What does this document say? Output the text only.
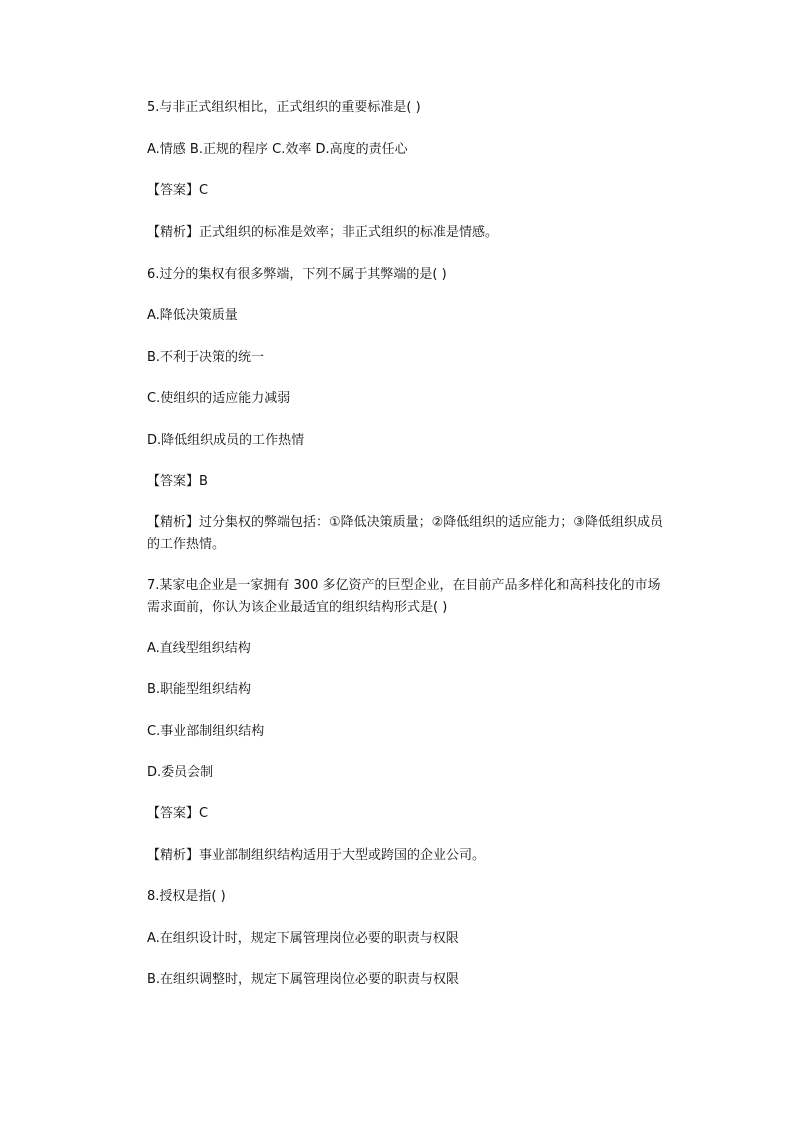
5.与非正式组织相比，正式组织的重要标准是( )
A.情感 B.正规的程序 C.效率 D.高度的责任心
【答案】C
【精析】正式组织的标准是效率；非正式组织的标准是情感。
6.过分的集权有很多弊端，下列不属于其弊端的是( )
A.降低决策质量
B.不利于决策的统一
C.使组织的适应能力减弱
D.降低组织成员的工作热情
【答案】B
【精析】过分集权的弊端包括：①降低决策质量；②降低组织的适应能力；③降低组织成员的工作热情。
7.某家电企业是一家拥有 300 多亿资产的巨型企业，在目前产品多样化和高科技化的市场需求面前，你认为该企业最适宜的组织结构形式是( )
A.直线型组织结构
B.职能型组织结构
C.事业部制组织结构
D.委员会制
【答案】C
【精析】事业部制组织结构适用于大型或跨国的企业公司。
8.授权是指( )
A.在组织设计时，规定下属管理岗位必要的职责与权限
B.在组织调整时，规定下属管理岗位必要的职责与权限
